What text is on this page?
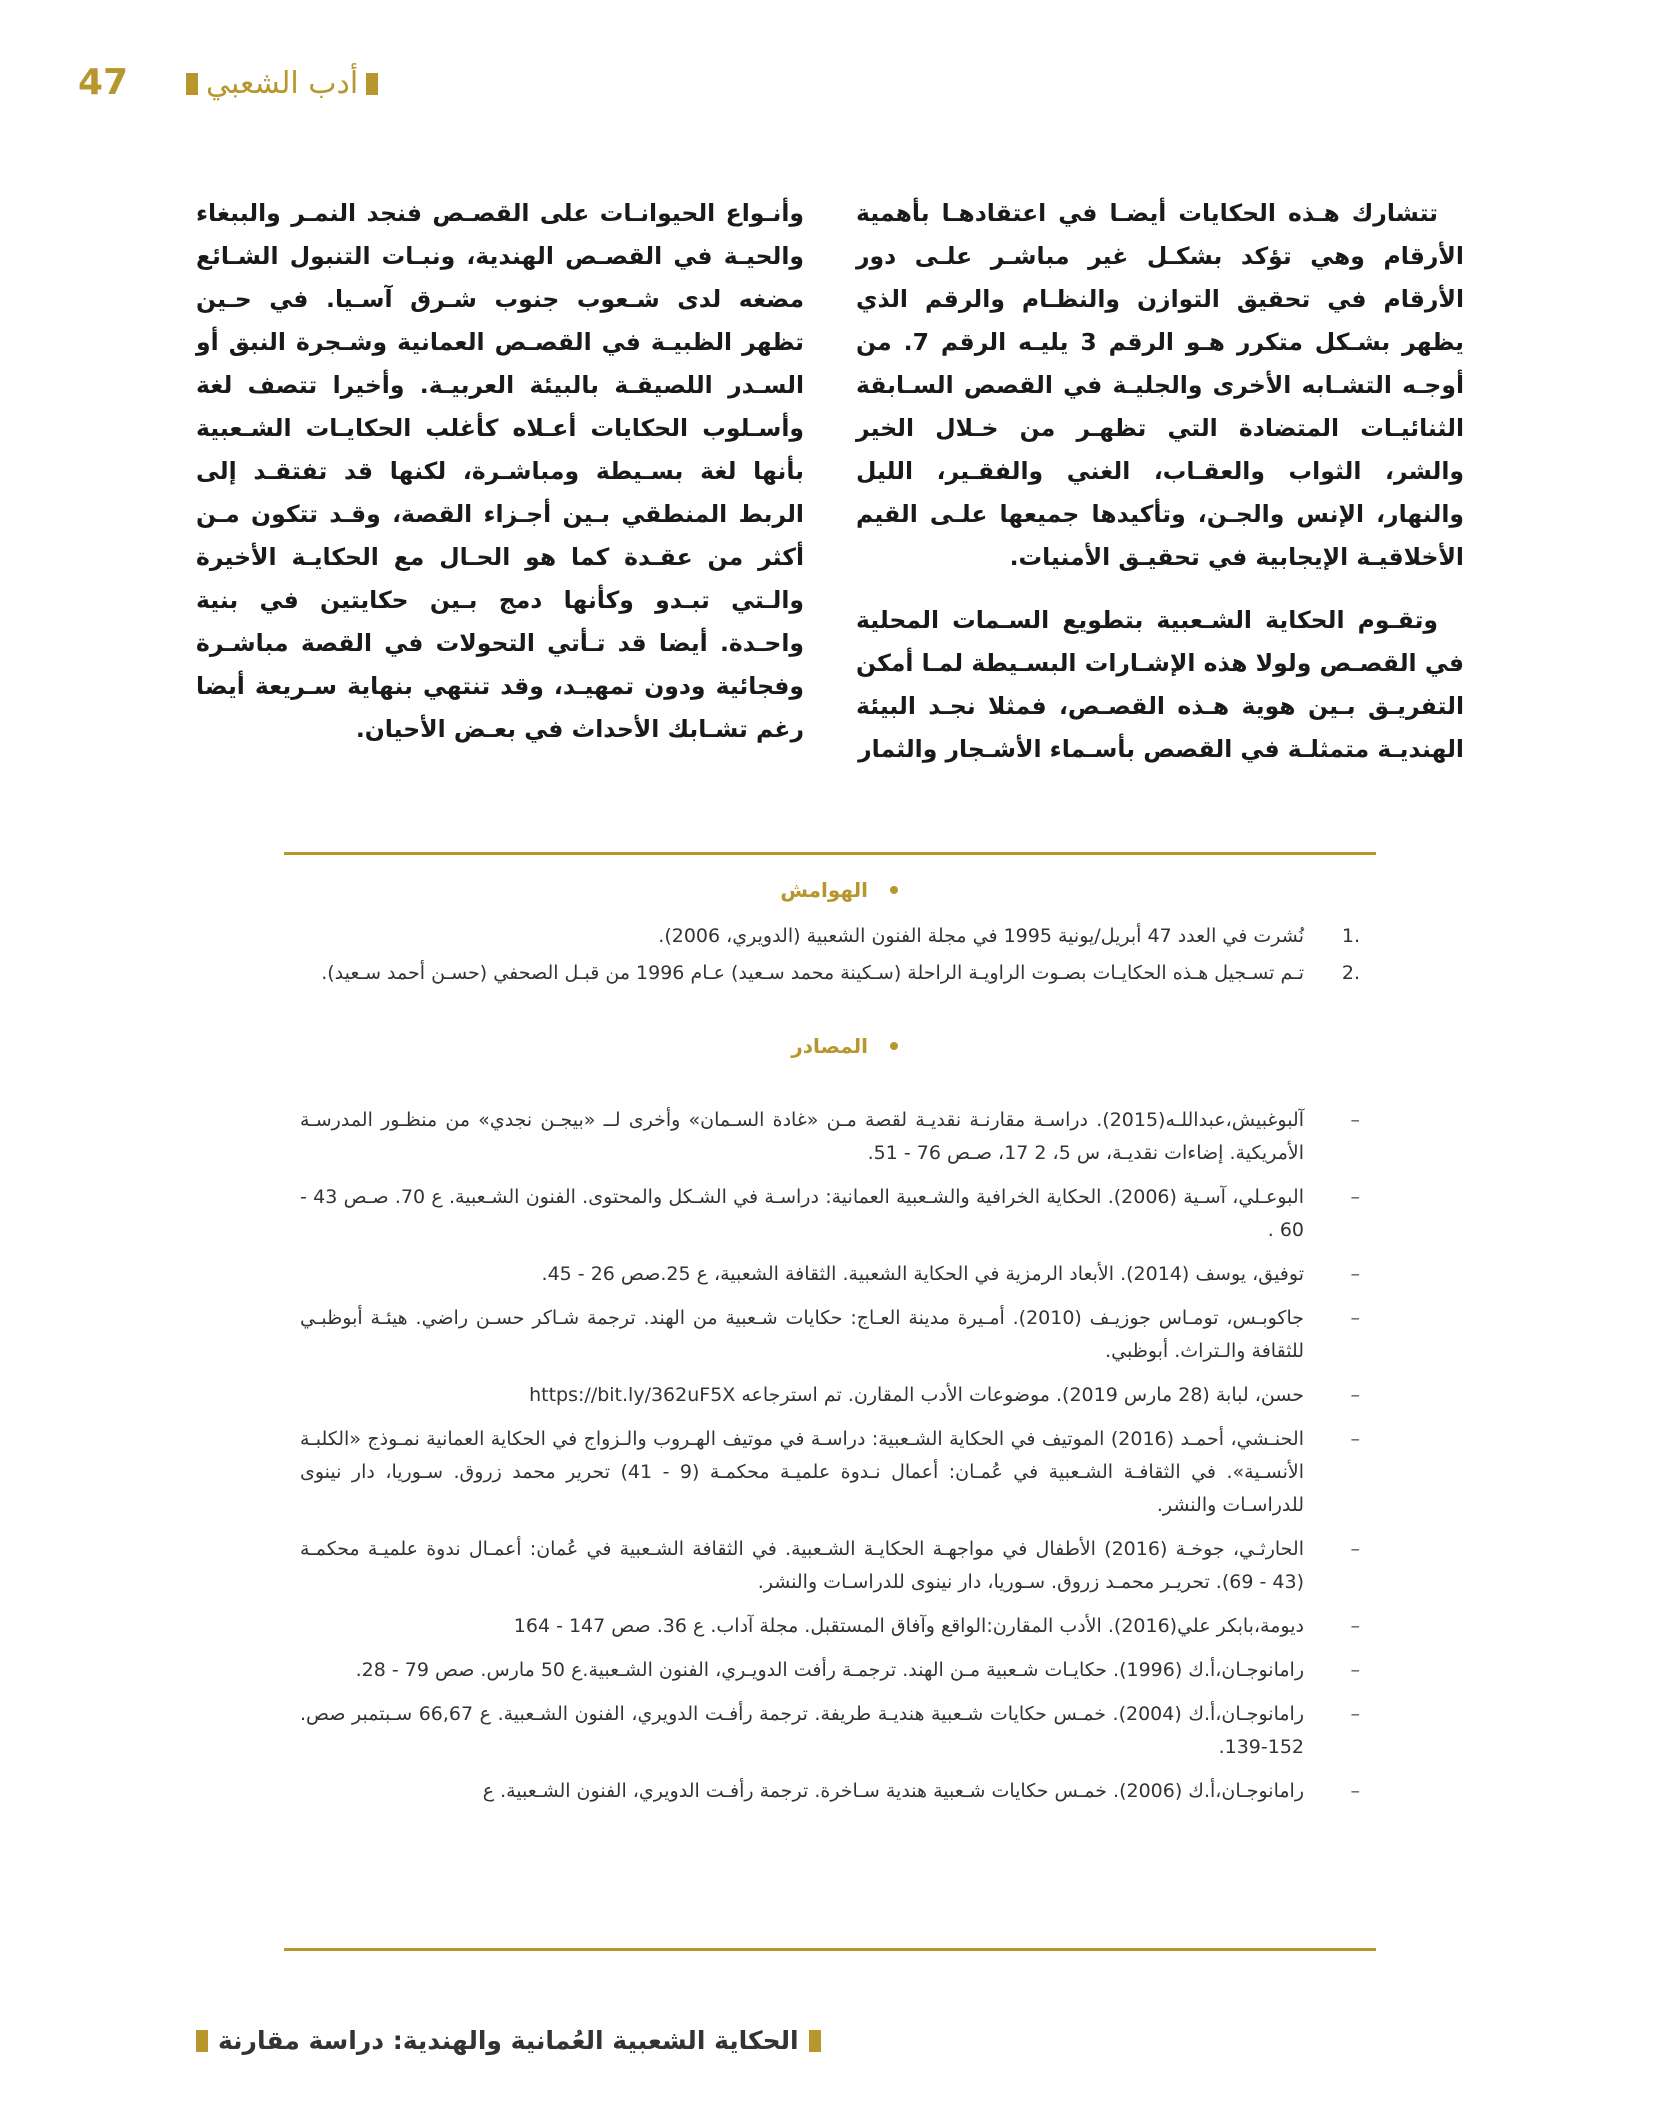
47	أدب الشعبي

تتشارك هـذه الحكايات أيضـا في اعتقادهـا بأهمية الأرقام وهي تؤكد بشكـل غير مباشـر علـى دور الأرقام في تحقيق التوازن والنظـام والرقم الذي يظهر بشـكل متكرر هـو الرقم 3 يليـه الرقم 7. من أوجـه التشـابه الأخرى والجليـة في القصص السـابقة الثنائيـات المتضادة التي تظهـر من خـلال الخير والشر، الثواب والعقـاب، الغني والفقـير، الليل والنهار، الإنس والجـن، وتأكيدها جميعها علـى القيم الأخلاقيـة الإيجابية في تحقيـق الأمنيات.

وتقـوم الحكاية الشـعبية بتطويع السـمات المحلية في القصـص ولولا هذه الإشـارات البسـيطة لمـا أمكن التفريـق بـين هوية هـذه القصـص، فمثلا نجـد البيئة الهنديـة متمثلـة في القصص بأسـماء الأشـجار والثمار

وأنـواع الحيوانـات على القصـص فنجد النمـر والببغاء والحيـة في القصـص الهندية، ونبـات التنبول الشـائع مضغه لدى شـعوب جنوب شـرق آسـيا. في حـين تظهر الظبيـة في القصـص العمانية وشـجرة النبق أو السـدر اللصيقـة بالبيئة العربيـة. وأخيرا تتصف لغة وأسـلوب الحكايات أعـلاه كأغلب الحكايـات الشـعبية بأنها لغة بسـيطة ومباشـرة، لكنها قد تفتقـد إلى الربط المنطقي بـين أجـزاء القصة، وقـد تتكون مـن أكثر من عقـدة كما هو الحـال مع الحكايـة الأخيرة والـتي تبـدو وكأنها دمج بـين حكايتين في بنية واحـدة. أيضا قد تـأتي التحولات في القصة مباشـرة وفجائية ودون تمهيـد، وقد تنتهي بنهاية سـريعة أيضا رغم تشـابك الأحداث في بعـض الأحيان.

الهوامش
.1
نُشرت في العدد 47 أبريل/يونية 1995 في مجلة الفنون الشعبية (الدويري، 2006).
.2
تـم تسـجيل هـذه الحكايـات بصـوت الراويـة الراحلة (سـكينة محمد سـعيد) عـام 1996 من قبـل الصحفي (حسـن أحمد سـعيد).
المصادر
–
آلبوغبيش،عبداللـه(2015). دراسـة مقارنـة نقديـة لقصة مـن «غادة السـمان» وأخرى لــ «بيجـن نجدي» من منظـور المدرسـة الأمريكية. إضاءات نقديـة، س 5، 2 17، صـص 76 - 51.
–
البوعـلي، آسـية (2006). الحكاية الخرافية والشـعبية العمانية: دراسـة في الشـكل والمحتوى. الفنون الشـعبية. ع 70. صـص 43 - 60 .
–
توفيق، يوسف (2014). الأبعاد الرمزية في الحكاية الشعبية. الثقافة الشعبية، ع 25.صص 26 - 45.
–
جاكوبـس، تومـاس جوزيـف (2010). أمـيرة مدينة العـاج: حكايات شـعبية من الهند. ترجمة شـاكر حسـن راضي. هيئـة أبوظبـي للثقافة والـتراث. أبوظبي.
–
حسن، لبابة (28 مارس 2019). موضوعات الأدب المقارن. تم استرجاعه https://bit.ly/362uF5X
–
الحنـشي، أحمـد (2016) الموتيف في الحكاية الشـعبية: دراسـة في موتيف الهـروب والـزواج في الحكاية العمانية نمـوذج «الكلبـة الأنسـية». في الثقافـة الشـعبية في عُمـان: أعمال نـدوة علميـة محكمـة (9 - 41) تحرير محمد زروق. سـوريا، دار نينوى للدراسـات والنشر.
–
الحارثـي، جوخـة (2016) الأطفال في مواجهـة الحكايـة الشـعبية. في الثقافة الشـعبية في عُمان: أعمـال ندوة علميـة محكمـة (43 - 69). تحريـر محمـد زروق. سـوريا، دار نينوى للدراسـات والنشر.
–
ديومة،بابكر علي(2016). الأدب المقارن:الواقع وآفاق المستقبل. مجلة آداب. ع 36. صص 147 - 164
–
رامانوجـان،أ.ك (1996). حكايـات شـعبية مـن الهند. ترجمـة رأفت الدويـري، الفنون الشـعبية.ع 50 مارس. صص 79 - 28.
–
رامانوجـان،أ.ك (2004). خمـس حكايات شـعبية هنديـة طريفة. ترجمة رأفـت الدويري، الفنون الشـعبية. ع 66,67 سـبتمبر صص. 152-139.
–
رامانوجـان،أ.ك (2006). خمـس حكايات شـعبية هندية سـاخرة. ترجمة رأفـت الدويري، الفنون الشـعبية. ع
الحكاية الشعبية العُمانية والهندية: دراسة مقارنة
